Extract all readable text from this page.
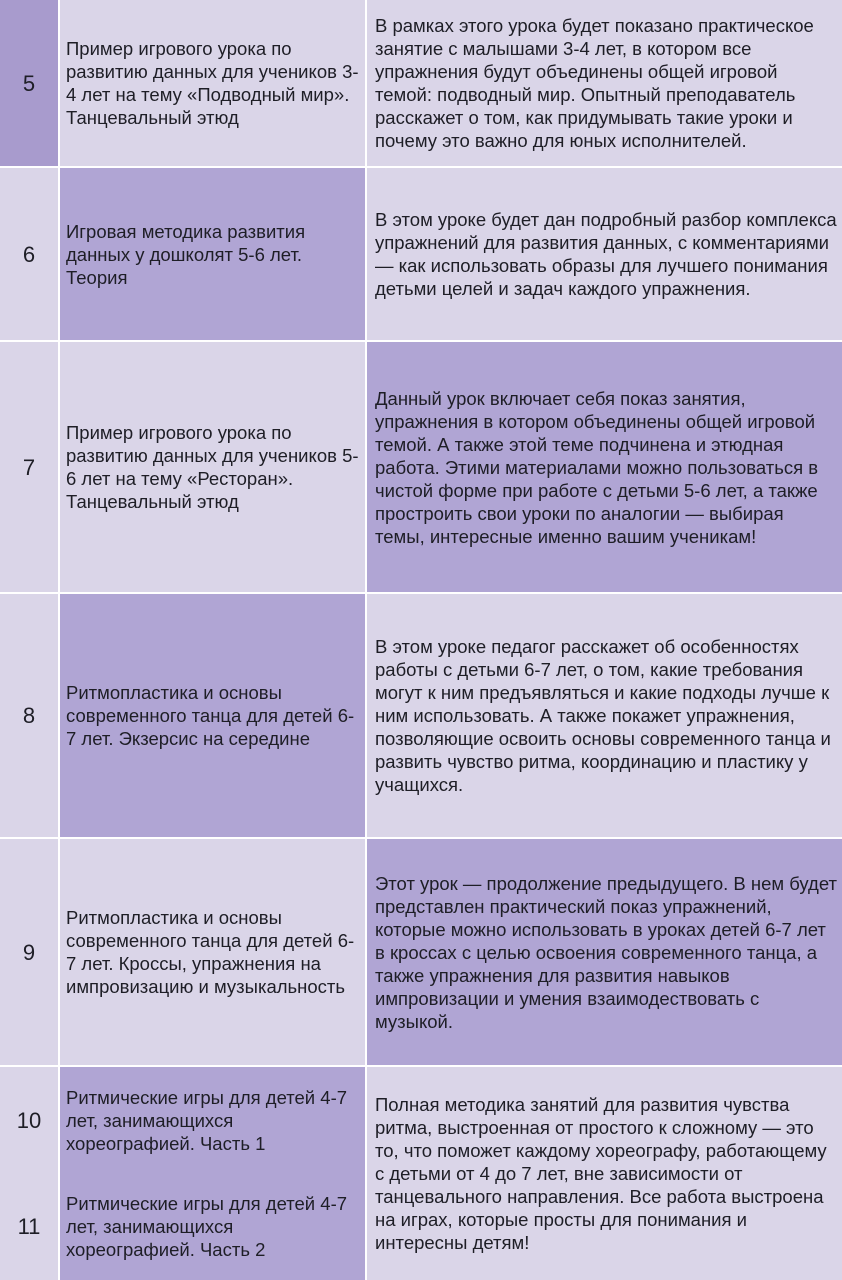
5
Пример игрового урока по развитию данных для учеников 3-4 лет на тему «Подводный мир». Танцевальный этюд
В рамках этого урока будет показано практическое занятие с малышами 3-4 лет, в котором все упражнения будут объединены общей игровой темой: подводный мир. Опытный преподаватель расскажет о том, как придумывать такие уроки и почему это важно для юных исполнителей.
6
Игровая методика развития данных у дошколят 5-6 лет. Теория
В этом уроке будет дан подробный разбор комплекса упражнений для развития данных, с комментариями — как использовать образы для лучшего понимания детьми целей и задач каждого упражнения.
7
Пример игрового урока по развитию данных для учеников 5-6 лет на тему «Ресторан». Танцевальный этюд
Данный урок включает себя показ занятия, упражнения в котором объединены общей игровой темой. А также этой теме подчинена и этюдная работа. Этими материалами можно пользоваться в чистой форме при работе с детьми 5-6 лет, а также простроить свои уроки по аналогии — выбирая темы, интересные именно вашим ученикам!
8
Ритмопластика и основы современного танца для детей 6-7 лет. Экзерсис на середине
В этом уроке педагог расскажет об особенностях работы с детьми 6-7 лет, о том, какие требования могут к ним предъявляться и какие подходы лучше к ним использовать. А также покажет упражнения, позволяющие освоить основы современного танца и развить чувство ритма, координацию и пластику у учащихся.
9
Ритмопластика и основы современного танца для детей 6-7 лет. Кроссы, упражнения на импровизацию и музыкальность
Этот урок — продолжение предыдущего. В нем будет представлен практический показ упражнений, которые можно использовать в уроках детей 6-7 лет в кроссах с целью освоения современного танца, а также упражнения для развития навыков импровизации и умения взаимодествовать с музыкой.
10
11
Ритмические игры для детей 4-7 лет, занимающихся хореографией. Часть 1
Ритмические игры для детей 4-7 лет, занимающихся хореографией. Часть 2
Полная методика занятий для развития чувства ритма, выстроенная от простого к сложному — это то, что поможет каждому хореографу, работающему с детьми от 4 до 7 лет, вне зависимости от танцевального направления. Все работа выстроена на играх, которые просты для понимания и интересны детям!
